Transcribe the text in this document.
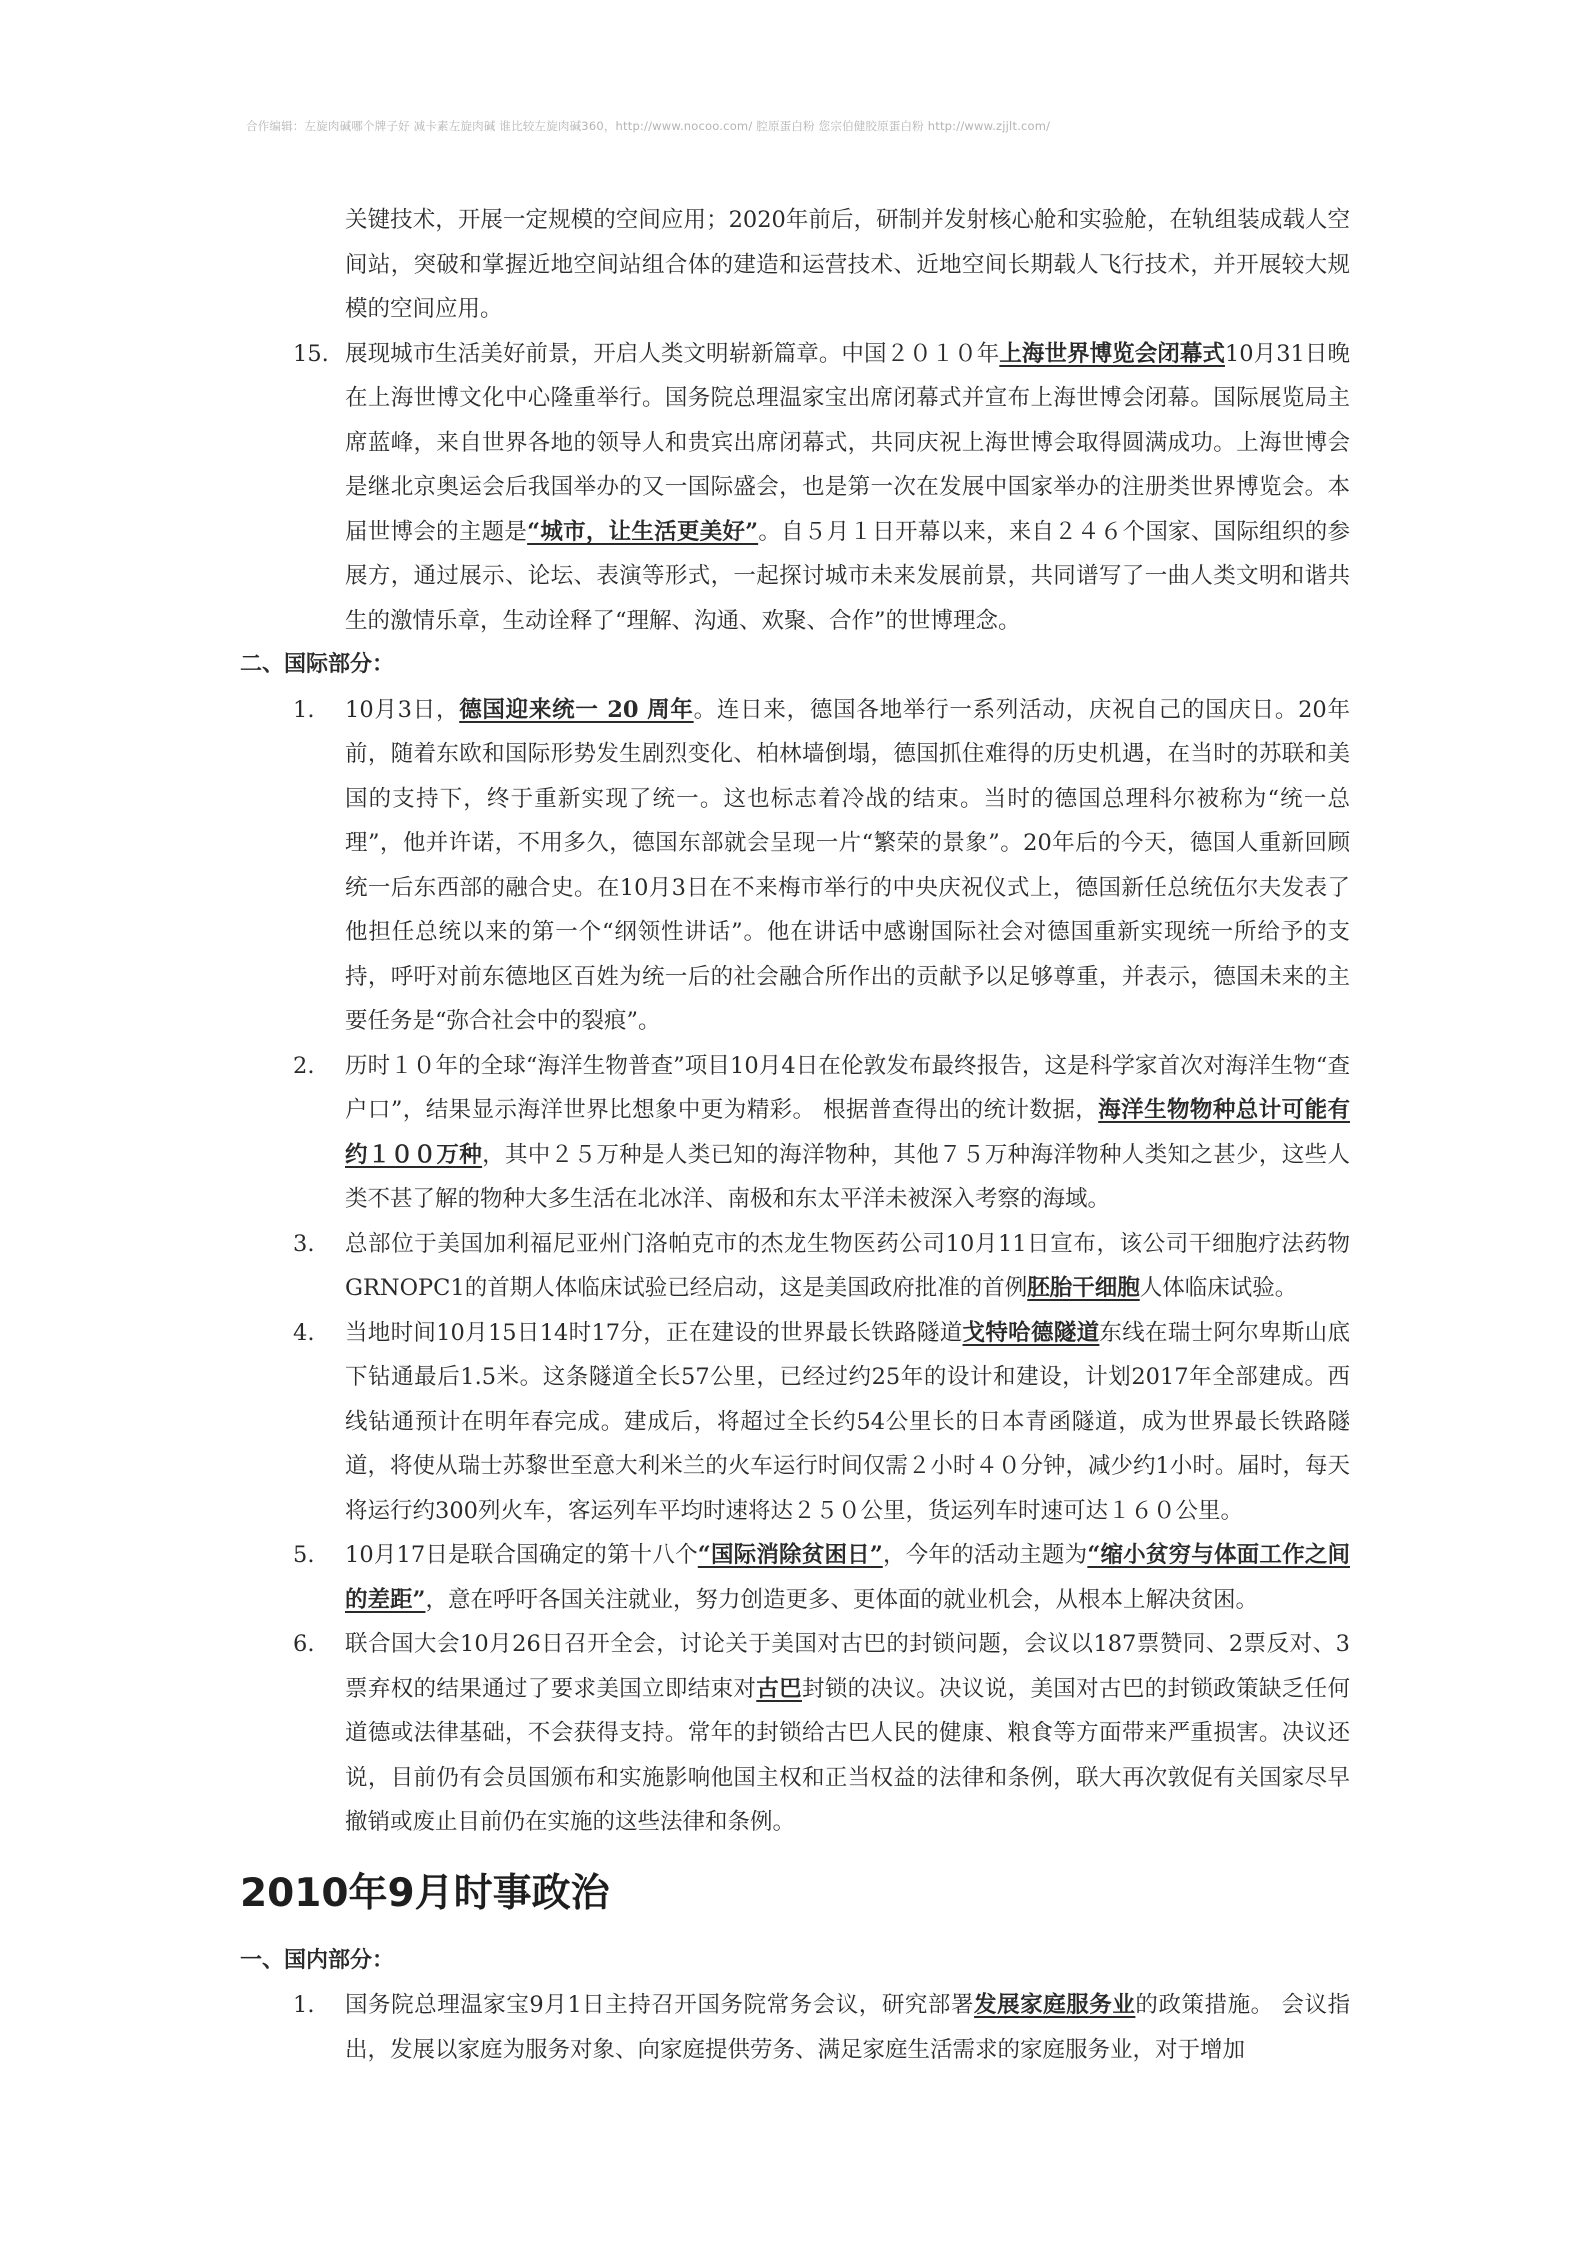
合作编辑：左旋肉碱哪个牌子好 减卡素左旋肉碱 谁比较左旋肉碱360，http://www.nocoo.com/ 腔原蛋白粉 您宗伯健胶原蛋白粉 http://www.zjjlt.com/
关键技术，开展一定规模的空间应用；2020年前后，研制并发射核心舱和实验舱，在轨组装成载人空间站，突破和掌握近地空间站组合体的建造和运营技术、近地空间长期载人飞行技术，并开展较大规模的空间应用。
15. 展现城市生活美好前景，开启人类文明崭新篇章。中国２０１０年上海世界博览会闭幕式10月31日晚在上海世博文化中心隆重举行。国务院总理温家宝出席闭幕式并宣布上海世博会闭幕。国际展览局主席蓝峰，来自世界各地的领导人和贵宾出席闭幕式，共同庆祝上海世博会取得圆满成功。上海世博会是继北京奥运会后我国举办的又一国际盛会，也是第一次在发展中国家举办的注册类世界博览会。本届世博会的主题是“城市，让生活更美好”。自５月１日开幕以来，来自２４６个国家、国际组织的参展方，通过展示、论坛、表演等形式，一起探讨城市未来发展前景，共同谱写了一曲人类文明和谐共生的激情乐章，生动诠释了“理解、沟通、欢聚、合作”的世博理念。
二、国际部分：
1. 10月3日，德国迎来统一 20 周年。连日来，德国各地举行一系列活动，庆祝自己的国庆日。20年前，随着东欧和国际形势发生剧烈变化、柏林墙倒塌，德国抓住难得的历史机遇，在当时的苏联和美国的支持下，终于重新实现了统一。这也标志着冷战的结束。当时的德国总理科尔被称为“统一总理”，他并许诺，不用多久，德国东部就会呈现一片“繁荣的景象”。20年后的今天，德国人重新回顾统一后东西部的融合史。在10月3日在不来梅市举行的中央庆祝仪式上，德国新任总统伍尔夫发表了他担任总统以来的第一个“纲领性讲话”。他在讲话中感谢国际社会对德国重新实现统一所给予的支持，呼吁对前东德地区百姓为统一后的社会融合所作出的贡献予以足够尊重，并表示，德国未来的主要任务是“弥合社会中的裂痕”。
2. 历时１０年的全球“海洋生物普查”项目10月4日在伦敦发布最终报告，这是科学家首次对海洋生物“查户口”，结果显示海洋世界比想象中更为精彩。 根据普查得出的统计数据，海洋生物物种总计可能有约１００万种，其中２５万种是人类已知的海洋物种，其他７５万种海洋物种人类知之甚少，这些人类不甚了解的物种大多生活在北冰洋、南极和东太平洋未被深入考察的海域。
3. 总部位于美国加利福尼亚州门洛帕克市的杰龙生物医药公司10月11日宣布，该公司干细胞疗法药物GRNOPC1的首期人体临床试验已经启动，这是美国政府批准的首例胚胎干细胞人体临床试验。
4. 当地时间10月15日14时17分，正在建设的世界最长铁路隧道戈特哈德隧道东线在瑞士阿尔卑斯山底下钻通最后1.5米。这条隧道全长57公里，已经过约25年的设计和建设，计划2017年全部建成。西线钻通预计在明年春完成。建成后，将超过全长约54公里长的日本青函隧道，成为世界最长铁路隧道，将使从瑞士苏黎世至意大利米兰的火车运行时间仅需２小时４０分钟，减少约1小时。届时，每天将运行约300列火车，客运列车平均时速将达２５０公里，货运列车时速可达１６０公里。
5. 10月17日是联合国确定的第十八个“国际消除贫困日”，今年的活动主题为“缩小贫穷与体面工作之间的差距”，意在呼吁各国关注就业，努力创造更多、更体面的就业机会，从根本上解决贫困。
6. 联合国大会10月26日召开全会，讨论关于美国对古巴的封锁问题，会议以187票赞同、2票反对、3票弃权的结果通过了要求美国立即结束对古巴封锁的决议。决议说，美国对古巴的封锁政策缺乏任何道德或法律基础，不会获得支持。常年的封锁给古巴人民的健康、粮食等方面带来严重损害。决议还说，目前仍有会员国颁布和实施影响他国主权和正当权益的法律和条例，联大再次敦促有关国家尽早撤销或废止目前仍在实施的这些法律和条例。
2010年9月时事政治
一、国内部分：
1. 国务院总理温家宝9月1日主持召开国务院常务会议，研究部署发展家庭服务业的政策措施。 会议指出，发展以家庭为服务对象、向家庭提供劳务、满足家庭生活需求的家庭服务业，对于增加
